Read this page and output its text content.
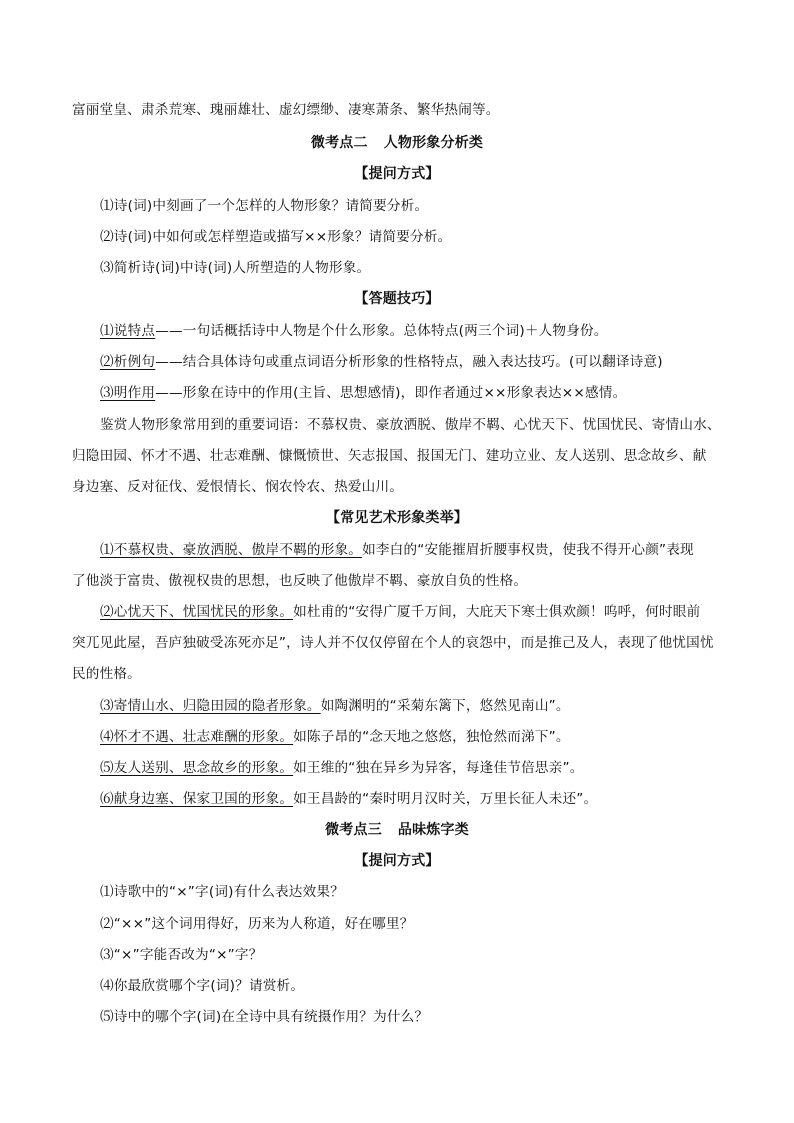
富丽堂皇、肃杀荒寒、瑰丽雄壮、虚幻缥缈、凄寒萧条、繁华热闹等。
微考点二 人物形象分析类
【提问方式】
⑴诗(词)中刻画了一个怎样的人物形象？请简要分析。
⑵诗(词)中如何或怎样塑造或描写××形象？请简要分析。
⑶简析诗(词)中诗(词)人所塑造的人物形象。
【答题技巧】
⑴说特点——一句话概括诗中人物是个什么形象。总体特点(两三个词)＋人物身份。
⑵析例句——结合具体诗句或重点词语分析形象的性格特点，融入表达技巧。(可以翻译诗意)
⑶明作用——形象在诗中的作用(主旨、思想感情)，即作者通过××形象表达××感情。
鉴赏人物形象常用到的重要词语：不慕权贵、豪放洒脱、傲岸不羁、心忧天下、忧国忧民、寄情山水、
归隐田园、怀才不遇、壮志难酬、慷慨愤世、矢志报国、报国无门、建功立业、友人送别、思念故乡、献
身边塞、反对征伐、爱恨情长、悯农怜农、热爱山川。
【常见艺术形象类举】
⑴不慕权贵、豪放洒脱、傲岸不羁的形象。如李白的“安能摧眉折腰事权贵，使我不得开心颜”表现
了他淡于富贵、傲视权贵的思想，也反映了他傲岸不羁、豪放自负的性格。
⑵心忧天下、忧国忧民的形象。如杜甫的“安得广厦千万间，大庇天下寒士俱欢颜！呜呼，何时眼前
突兀见此屋，吾庐独破受冻死亦足”，诗人并不仅仅停留在个人的哀怨中，而是推己及人，表现了他忧国忧
民的性格。
⑶寄情山水、归隐田园的隐者形象。如陶渊明的“采菊东篱下，悠然见南山”。
⑷怀才不遇、壮志难酬的形象。如陈子昂的“念天地之悠悠，独怆然而涕下”。
⑸友人送别、思念故乡的形象。如王维的“独在异乡为异客，每逢佳节倍思亲”。
⑹献身边塞、保家卫国的形象。如王昌龄的“秦时明月汉时关，万里长征人未还”。
微考点三 品味炼字类
【提问方式】
⑴诗歌中的“×”字(词)有什么表达效果？
⑵“××”这个词用得好，历来为人称道，好在哪里？
⑶“×”字能否改为“×”字？
⑷你最欣赏哪个字(词)？请赏析。
⑸诗中的哪个字(词)在全诗中具有统摄作用？为什么？
